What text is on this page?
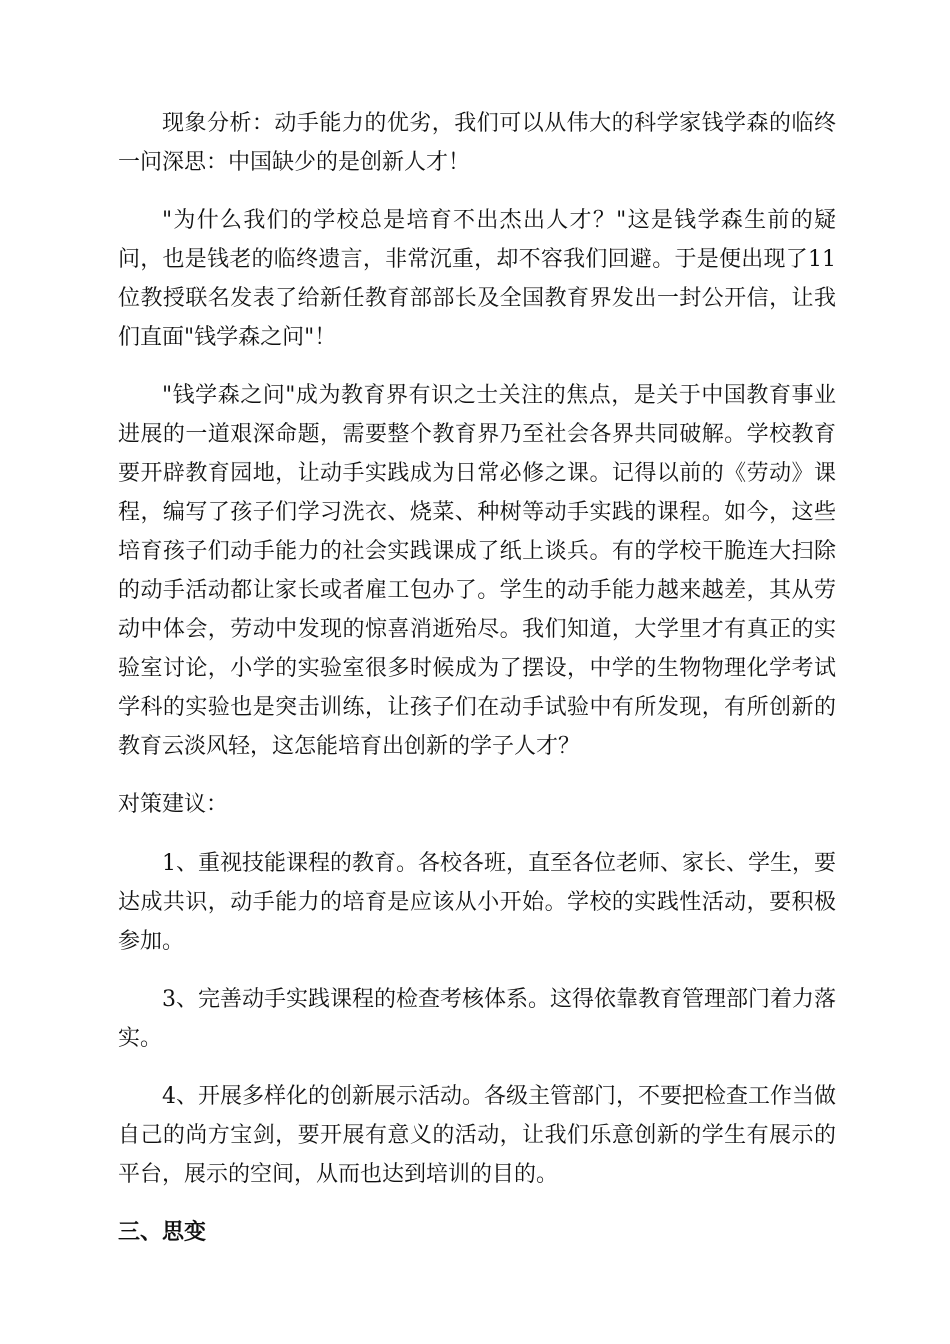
现象分析：动手能力的优劣，我们可以从伟大的科学家钱学森的临终一问深思：中国缺少的是创新人才！

"为什么我们的学校总是培育不出杰出人才？"这是钱学森生前的疑问，也是钱老的临终遗言，非常沉重，却不容我们回避。于是便出现了11位教授联名发表了给新任教育部部长及全国教育界发出一封公开信，让我们直面"钱学森之问"！

"钱学森之问"成为教育界有识之士关注的焦点，是关于中国教育事业进展的一道艰深命题，需要整个教育界乃至社会各界共同破解。学校教育要开辟教育园地，让动手实践成为日常必修之课。记得以前的《劳动》课程，编写了孩子们学习洗衣、烧菜、种树等动手实践的课程。如今，这些培育孩子们动手能力的社会实践课成了纸上谈兵。有的学校干脆连大扫除的动手活动都让家长或者雇工包办了。学生的动手能力越来越差，其从劳动中体会，劳动中发现的惊喜消逝殆尽。我们知道，大学里才有真正的实验室讨论，小学的实验室很多时候成为了摆设，中学的生物物理化学考试学科的实验也是突击训练，让孩子们在动手试验中有所发现，有所创新的教育云淡风轻，这怎能培育出创新的学子人才？

对策建议：

1、重视技能课程的教育。各校各班，直至各位老师、家长、学生，要达成共识，动手能力的培育是应该从小开始。学校的实践性活动，要积极参加。

3、完善动手实践课程的检查考核体系。这得依靠教育管理部门着力落实。

4、开展多样化的创新展示活动。各级主管部门，不要把检查工作当做自己的尚方宝剑，要开展有意义的活动，让我们乐意创新的学生有展示的平台，展示的空间，从而也达到培训的目的。

三、思变
